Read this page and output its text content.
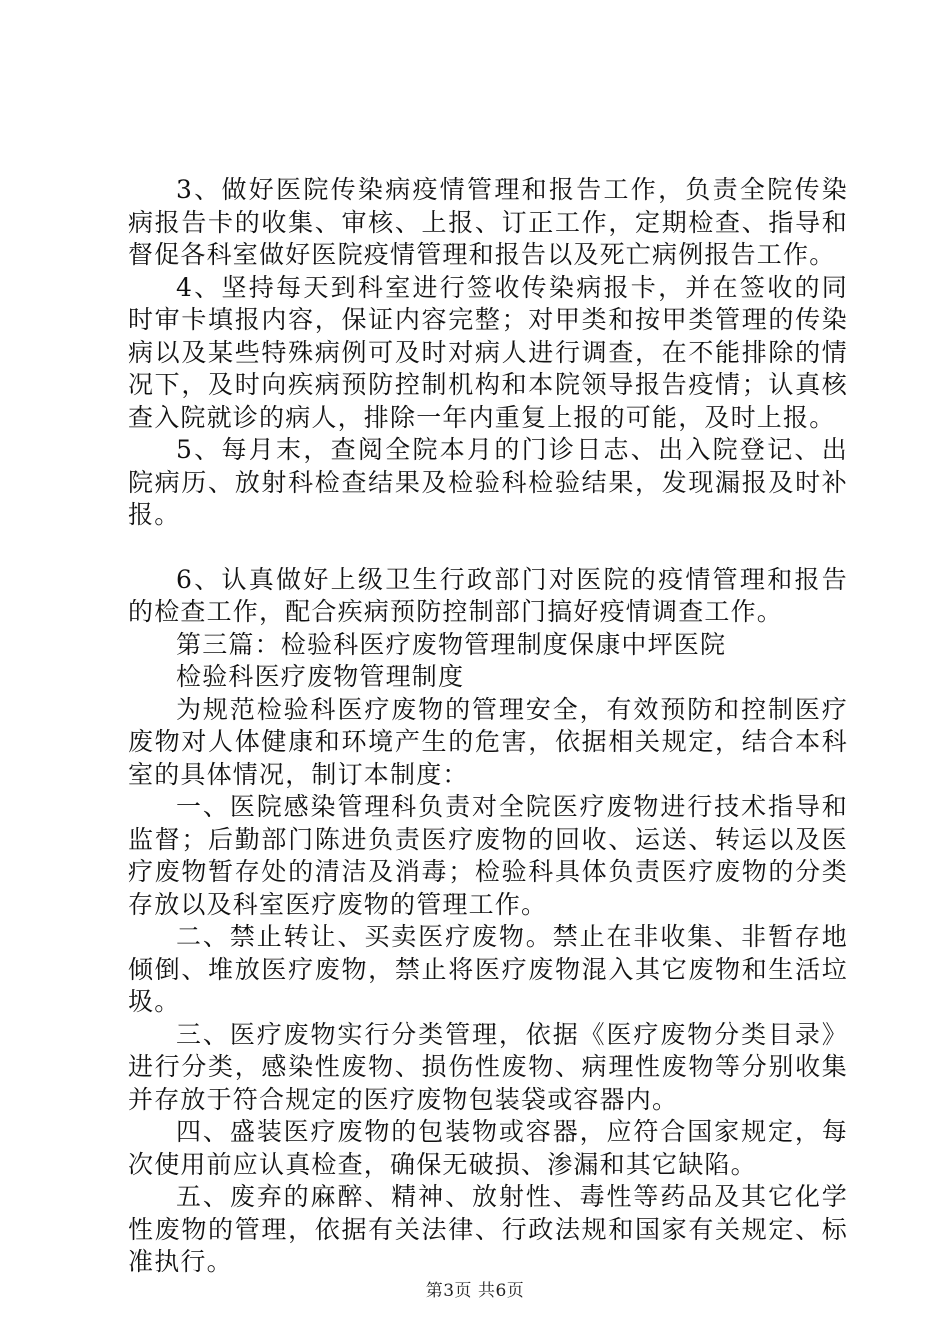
3、做好医院传染病疫情管理和报告工作，负责全院传染病报告卡的收集、审核、上报、订正工作，定期检查、指导和督促各科室做好医院疫情管理和报告以及死亡病例报告工作。

4、坚持每天到科室进行签收传染病报卡，并在签收的同时审卡填报内容，保证内容完整；对甲类和按甲类管理的传染病以及某些特殊病例可及时对病人进行调查，在不能排除的情况下，及时向疾病预防控制机构和本院领导报告疫情；认真核查入院就诊的病人，排除一年内重复上报的可能，及时上报。

5、每月末，查阅全院本月的门诊日志、出入院登记、出院病历、放射科检查结果及检验科检验结果，发现漏报及时补报。

6、认真做好上级卫生行政部门对医院的疫情管理和报告的检查工作，配合疾病预防控制部门搞好疫情调查工作。

第三篇：检验科医疗废物管理制度保康中坪医院

检验科医疗废物管理制度

为规范检验科医疗废物的管理安全，有效预防和控制医疗废物对人体健康和环境产生的危害，依据相关规定，结合本科室的具体情况，制订本制度：

一、医院感染管理科负责对全院医疗废物进行技术指导和监督；后勤部门陈进负责医疗废物的回收、运送、转运以及医疗废物暂存处的清洁及消毒；检验科具体负责医疗废物的分类存放以及科室医疗废物的管理工作。

二、禁止转让、买卖医疗废物。禁止在非收集、非暂存地倾倒、堆放医疗废物，禁止将医疗废物混入其它废物和生活垃圾。

三、医疗废物实行分类管理，依据《医疗废物分类目录》进行分类，感染性废物、损伤性废物、病理性废物等分别收集并存放于符合规定的医疗废物包装袋或容器内。

四、盛装医疗废物的包装物或容器，应符合国家规定，每次使用前应认真检查，确保无破损、渗漏和其它缺陷。

五、废弃的麻醉、精神、放射性、毒性等药品及其它化学性废物的管理，依据有关法律、行政法规和国家有关规定、标准执行。

第3页 共6页
